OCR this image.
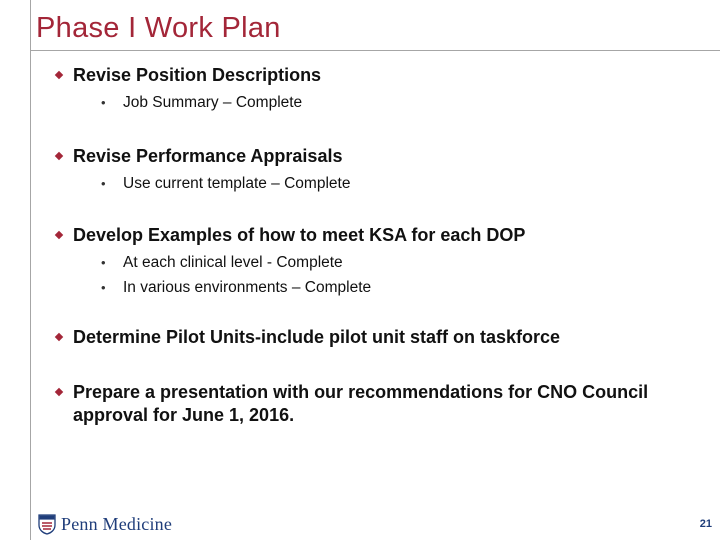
Phase I Work Plan
Revise Position Descriptions
• Job Summary – Complete
Revise Performance Appraisals
• Use current template – Complete
Develop Examples of how to meet KSA for each DOP
• At each clinical level - Complete
• In various environments – Complete
Determine Pilot Units-include pilot unit staff on taskforce
Prepare a presentation with our recommendations for CNO Council approval for June 1, 2016.
Penn Medicine	21
